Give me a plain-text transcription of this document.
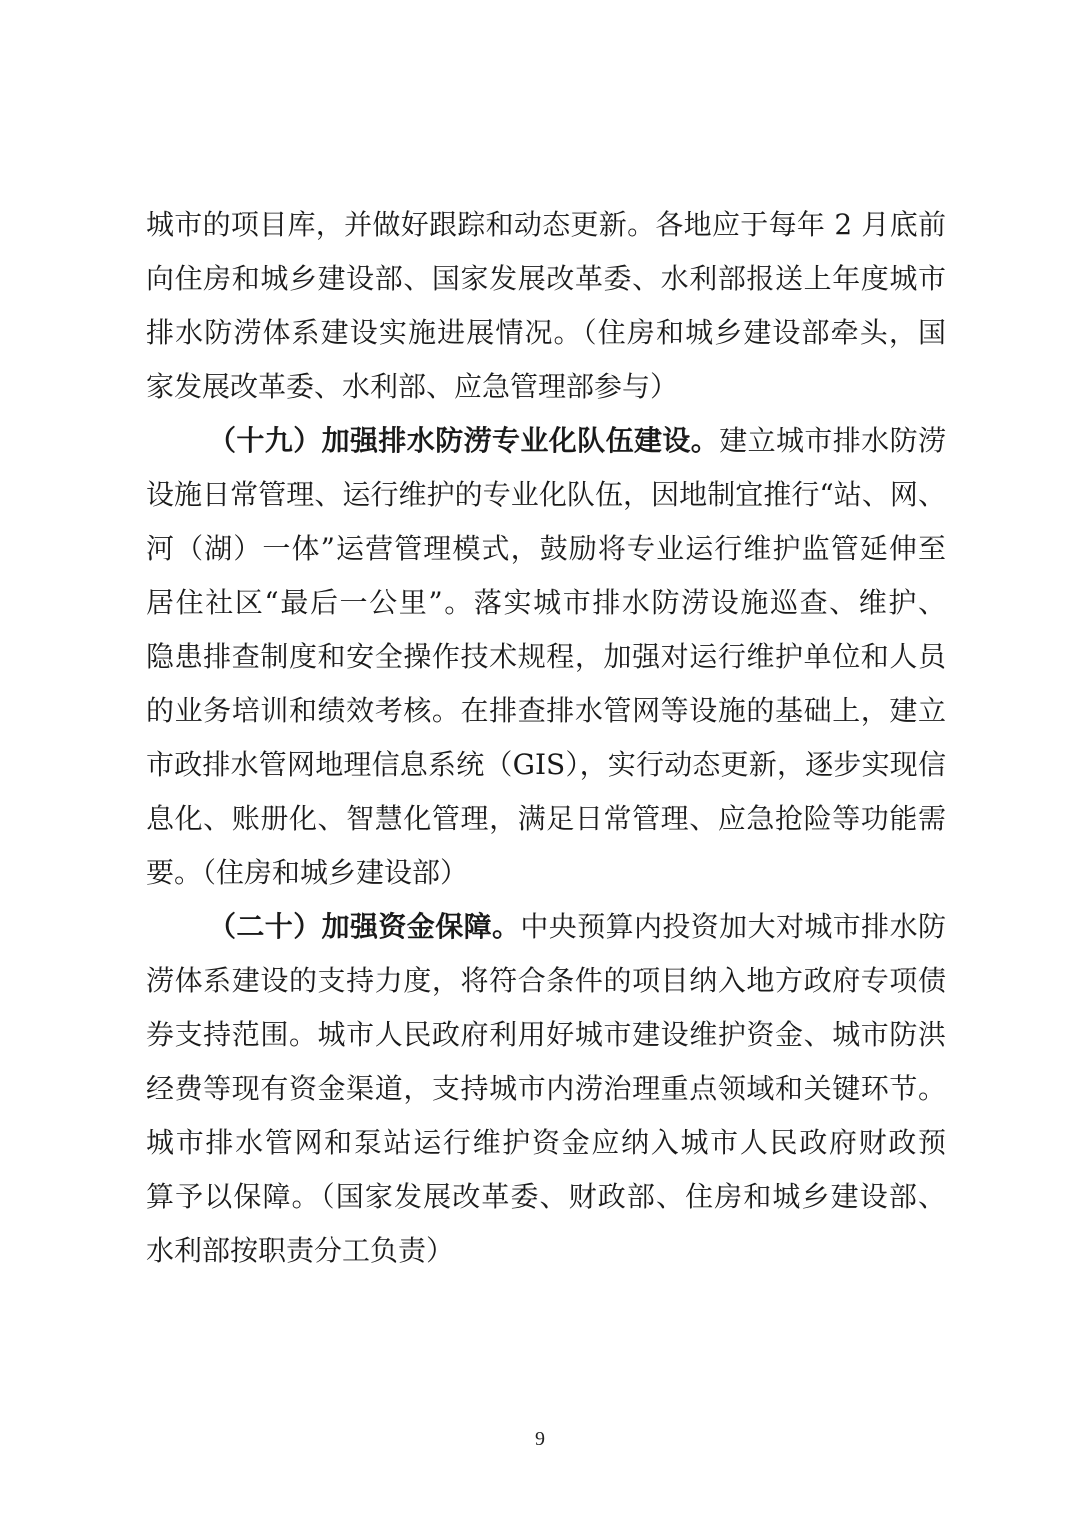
城市的项目库，并做好跟踪和动态更新。各地应于每年 2 月底前
向住房和城乡建设部、国家发展改革委、水利部报送上年度城市
排水防涝体系建设实施进展情况。（住房和城乡建设部牵头，国
家发展改革委、水利部、应急管理部参与）
（十九）加强排水防涝专业化队伍建设。建立城市排水防涝
设施日常管理、运行维护的专业化队伍，因地制宜推行“站、网、
河（湖）一体”运营管理模式，鼓励将专业运行维护监管延伸至
居住社区“最后一公里”。落实城市排水防涝设施巡查、维护、
隐患排查制度和安全操作技术规程，加强对运行维护单位和人员
的业务培训和绩效考核。在排查排水管网等设施的基础上，建立
市政排水管网地理信息系统（GIS），实行动态更新，逐步实现信
息化、账册化、智慧化管理，满足日常管理、应急抢险等功能需
要。（住房和城乡建设部）
（二十）加强资金保障。中央预算内投资加大对城市排水防
涝体系建设的支持力度，将符合条件的项目纳入地方政府专项债
券支持范围。城市人民政府利用好城市建设维护资金、城市防洪
经费等现有资金渠道，支持城市内涝治理重点领域和关键环节。
城市排水管网和泵站运行维护资金应纳入城市人民政府财政预
算予以保障。（国家发展改革委、财政部、住房和城乡建设部、
水利部按职责分工负责）
9
